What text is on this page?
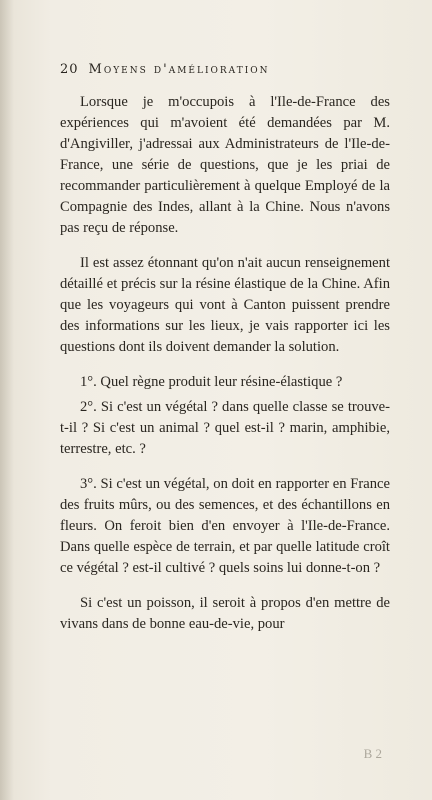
20 Moyens d'amélioration

Lorsque je m'occupois à l'Ile-de-France des expériences qui m'avoient été demandées par M. d'Angiviller, j'adressai aux Administrateurs de l'Ile-de-France, une série de questions, que je les priai de recommander particulièrement à quelque Employé de la Compagnie des Indes, allant à la Chine. Nous n'avons pas reçu de réponse.

Il est assez étonnant qu'on n'ait aucun renseignement détaillé et précis sur la résine élastique de la Chine. Afin que les voyageurs qui vont à Canton puissent prendre des informations sur les lieux, je vais rapporter ici les questions dont ils doivent demander la solution.

1°. Quel règne produit leur résine-élastique ?

2°. Si c'est un végétal ? dans quelle classe se trouve-t-il ? Si c'est un animal ? quel est-il ? marin, amphibie, terrestre, etc. ?

3°. Si c'est un végétal, on doit en rapporter en France des fruits mûrs, ou des semences, et des échantillons en fleurs. On feroit bien d'en envoyer à l'Ile-de-France. Dans quelle espèce de terrain, et par quelle latitude croît ce végétal ? est-il cultivé ? quels soins lui donne-t-on ?

Si c'est un poisson, il seroit à propos d'en mettre de vivans dans de bonne eau-de-vie, pour

B 2
